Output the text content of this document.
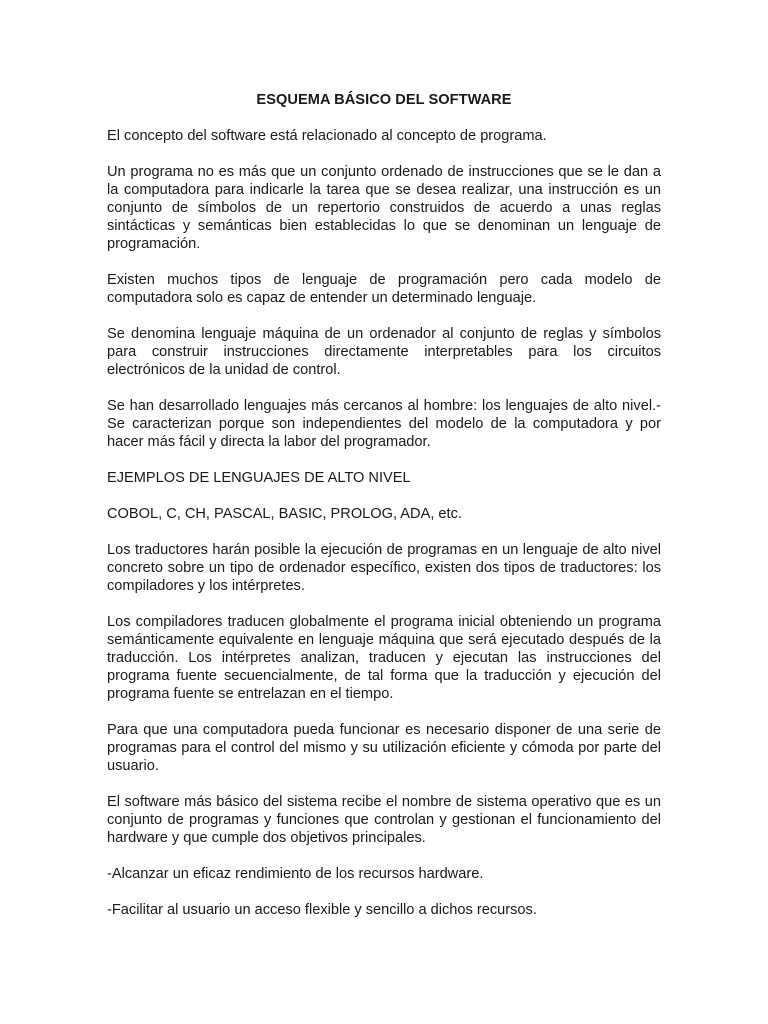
ESQUEMA BÁSICO DEL SOFTWARE

El concepto del software está relacionado al concepto de programa.

Un programa no es más que un conjunto ordenado de instrucciones que se le dan a la computadora para indicarle la tarea que se desea realizar, una instrucción es un conjunto de símbolos de un repertorio construidos de acuerdo a unas reglas sintácticas y semánticas bien establecidas lo que se denominan un lenguaje de programación.

Existen muchos tipos de lenguaje de programación pero cada modelo de computadora solo es capaz de entender un determinado lenguaje.

Se denomina lenguaje máquina de un ordenador al conjunto de reglas y símbolos para construir instrucciones directamente interpretables para los circuitos electrónicos de la unidad de control.

Se han desarrollado lenguajes más cercanos al hombre: los lenguajes de alto nivel.- Se caracterizan porque son independientes del modelo de la computadora y por hacer más fácil y directa la labor del programador.

EJEMPLOS DE LENGUAJES DE ALTO NIVEL

COBOL, C, CH, PASCAL, BASIC, PROLOG, ADA, etc.

Los traductores harán posible la ejecución de programas en un lenguaje de alto nivel concreto sobre un tipo de ordenador específico, existen dos tipos de traductores: los compiladores y los intérpretes.

Los compiladores traducen globalmente el programa inicial obteniendo un programa semánticamente equivalente en lenguaje máquina que será ejecutado después de la traducción. Los intérpretes analizan, traducen y ejecutan las instrucciones del programa fuente secuencialmente, de tal forma que la traducción y ejecución del programa fuente se entrelazan en el tiempo.

Para que una computadora pueda funcionar es necesario disponer de una serie de programas para el control del mismo y su utilización eficiente y cómoda por parte del usuario.

El software más básico del sistema recibe el nombre de sistema operativo que es un conjunto de programas y funciones que controlan y gestionan el funcionamiento del hardware y que cumple dos objetivos principales.

-Alcanzar un eficaz rendimiento de los recursos hardware.

-Facilitar al usuario un acceso flexible y sencillo a dichos recursos.
